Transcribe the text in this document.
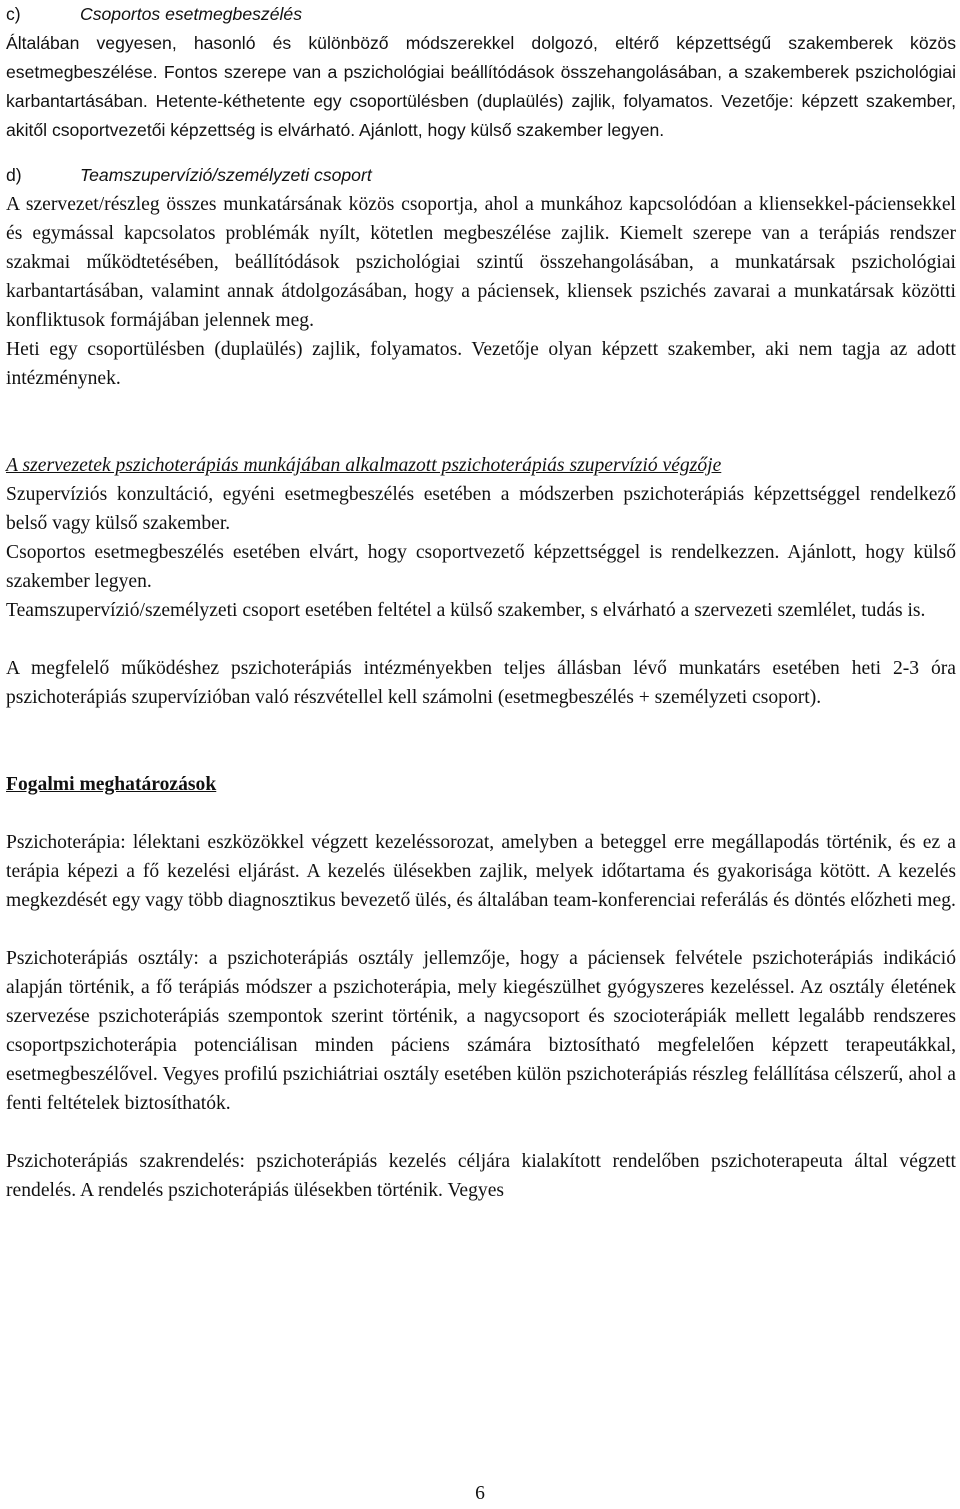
c)	Csoportos esetmegbeszélés

Általában vegyesen, hasonló és különböző módszerekkel dolgozó, eltérő képzettségű szakemberek közös esetmegbeszélése. Fontos szerepe van a pszichológiai beállítódások összehangolásában, a szakemberek pszichológiai karbantartásában. Hetente-kéthetente egy csoportülésben (duplaülés) zajlik, folyamatos. Vezetője: képzett szakember, akitől csoportvezetői képzettség is elvárható. Ajánlott, hogy külső szakember legyen.

d)	Teamszupervízió/személyzeti csoport

A szervezet/részleg összes munkatársának közös csoportja, ahol a munkához kapcsolódóan a kliensekkel-páciensekkel és egymással kapcsolatos problémák nyílt, kötetlen megbeszélése zajlik. Kiemelt szerepe van a terápiás rendszer szakmai működtetésében, beállítódások pszichológiai szintű összehangolásában, a munkatársak pszichológiai karbantartásában, valamint annak átdolgozásában, hogy a páciensek, kliensek pszichés zavarai a munkatársak közötti konfliktusok formájában jelennek meg.

Heti egy csoportülésben (duplaülés) zajlik, folyamatos. Vezetője olyan képzett szakember, aki nem tagja az adott intézménynek.

A szervezetek pszichoterápiás munkájában alkalmazott pszichoterápiás szupervízió végzője

Szupervíziós konzultáció, egyéni esetmegbeszélés esetében a módszerben pszichoterápiás képzettséggel rendelkező belső vagy külső szakember.

Csoportos esetmegbeszélés esetében elvárt, hogy csoportvezető képzettséggel is rendelkezzen. Ajánlott, hogy külső szakember legyen.

Teamszupervízió/személyzeti csoport esetében feltétel a külső szakember, s elvárható a szervezeti szemlélet, tudás is.

A megfelelő működéshez pszichoterápiás intézményekben teljes állásban lévő munkatárs esetében heti 2-3 óra pszichoterápiás szupervízióban való részvétellel kell számolni (esetmegbeszélés + személyzeti csoport).

Fogalmi meghatározások

Pszichoterápia: lélektani eszközökkel végzett kezeléssorozat, amelyben a beteggel erre megállapodás történik, és ez a terápia képezi a fő kezelési eljárást. A kezelés ülésekben zajlik, melyek időtartama és gyakorisága kötött. A kezelés megkezdését egy vagy több diagnosztikus bevezető ülés, és általában team-konferenciai referálás és döntés előzheti meg.

Pszichoterápiás osztály: a pszichoterápiás osztály jellemzője, hogy a páciensek felvétele pszichoterápiás indikáció alapján történik, a fő terápiás módszer a pszichoterápia, mely kiegészülhet gyógyszeres kezeléssel. Az osztály életének szervezése pszichoterápiás szempontok szerint történik, a nagycsoport és szocioterápiák mellett legalább rendszeres csoportpszichoterápia potenciálisan minden páciens számára biztosítható megfelelően képzett terapeutákkal, esetmegbeszélővel. Vegyes profilú pszichiátriai osztály esetében külön pszichoterápiás részleg felállítása célszerű, ahol a fenti feltételek biztosíthatók.

Pszichoterápiás szakrendelés: pszichoterápiás kezelés céljára kialakított rendelőben pszichoterapeuta által végzett rendelés. A rendelés pszichoterápiás ülésekben történik. Vegyes

6
